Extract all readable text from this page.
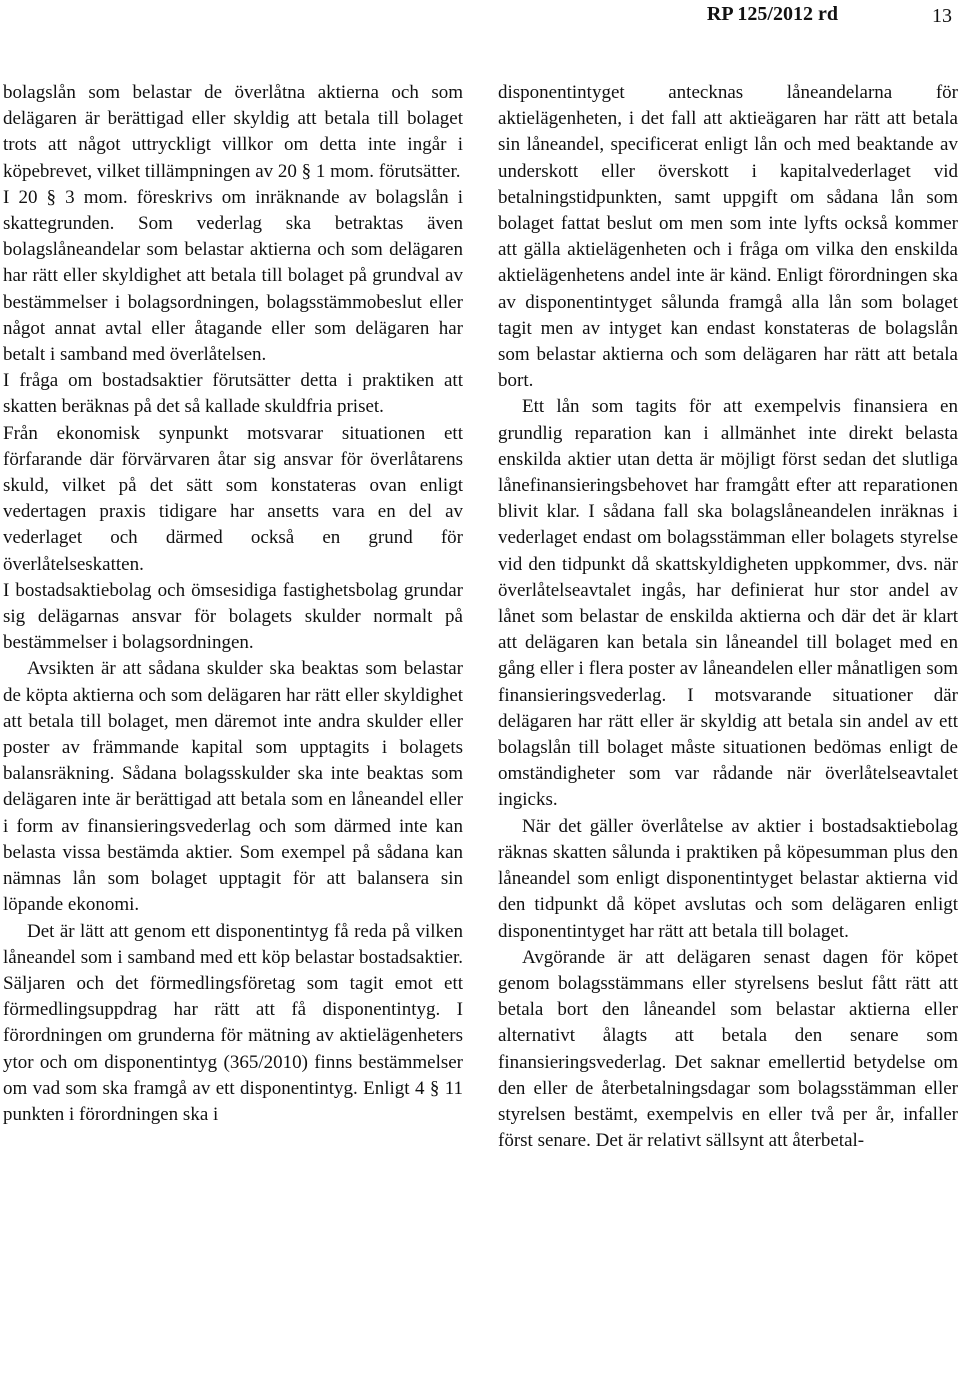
RP 125/2012 rd	13

bolagslån som belastar de överlåtna aktierna och som delägaren är berättigad eller skyldig att betala till bolaget trots att något uttryckligt villkor om detta inte ingår i köpebrevet, vilket tillämpningen av 20 § 1 mom. förutsätter.

I 20 § 3 mom. föreskrivs om inräknande av bolagslån i skattegrunden. Som vederlag ska betraktas även bolagslåneandelar som belastar aktierna och som delägaren har rätt eller skyldighet att betala till bolaget på grundval av bestämmelser i bolagsordningen, bolagsstämmobeslut eller något annat avtal eller åtagande eller som delägaren har betalt i samband med överlåtelsen.

I fråga om bostadsaktier förutsätter detta i praktiken att skatten beräknas på det så kallade skuldfria priset.

Från ekonomisk synpunkt motsvarar situationen ett förfarande där förvärvaren åtar sig ansvar för överlåtarens skuld, vilket på det sätt som konstateras ovan enligt vedertagen praxis tidigare har ansetts vara en del av vederlaget och därmed också en grund för överlåtelseskatten.

I bostadsaktiebolag och ömsesidiga fastighetsbolag grundar sig delägarnas ansvar för bolagets skulder normalt på bestämmelser i bolagsordningen.

Avsikten är att sådana skulder ska beaktas som belastar de köpta aktierna och som delägaren har rätt eller skyldighet att betala till bolaget, men däremot inte andra skulder eller poster av främmande kapital som upptagits i bolagets balansräkning. Sådana bolagsskulder ska inte beaktas som delägaren inte är berättigad att betala som en låneandel eller i form av finansieringsvederlag och som därmed inte kan belasta vissa bestämda aktier. Som exempel på sådana kan nämnas lån som bolaget upptagit för att balansera sin löpande ekonomi.

Det är lätt att genom ett disponentintyg få reda på vilken låneandel som i samband med ett köp belastar bostadsaktier. Säljaren och det förmedlingsföretag som tagit emot ett förmedlingsuppdrag har rätt att få disponentintyg. I förordningen om grunderna för mätning av aktielägenheters ytor och om disponentintyg (365/2010) finns bestämmelser om vad som ska framgå av ett disponentintyg. Enligt 4 § 11 punkten i förordningen ska i

disponentintyget antecknas låneandelarna för aktielägenheten, i det fall att aktieägaren har rätt att betala sin låneandel, specificerat enligt lån och med beaktande av underskott eller överskott i kapitalvederlaget vid betalningstidpunkten, samt uppgift om sådana lån som bolaget fattat beslut om men som inte lyfts också kommer att gälla aktielägenheten och i fråga om vilka den enskilda aktielägenhetens andel inte är känd. Enligt förordningen ska av disponentintyget sålunda framgå alla lån som bolaget tagit men av intyget kan endast konstateras de bolagslån som belastar aktierna och som delägaren har rätt att betala bort.

Ett lån som tagits för att exempelvis finansiera en grundlig reparation kan i allmänhet inte direkt belasta enskilda aktier utan detta är möjligt först sedan det slutliga lånefinansieringsbehovet har framgått efter att reparationen blivit klar. I sådana fall ska bolagslåneandelen inräknas i vederlaget endast om bolagsstämman eller bolagets styrelse vid den tidpunkt då skattskyldigheten uppkommer, dvs. när överlåtelseavtalet ingås, har definierat hur stor andel av lånet som belastar de enskilda aktierna och där det är klart att delägaren kan betala sin låneandel till bolaget med en gång eller i flera poster av låneandelen eller månatligen som finansieringsvederlag. I motsvarande situationer där delägaren har rätt eller är skyldig att betala sin andel av ett bolagslån till bolaget måste situationen bedömas enligt de omständigheter som var rådande när överlåtelseavtalet ingicks.

När det gäller överlåtelse av aktier i bostadsaktiebolag räknas skatten sålunda i praktiken på köpesumman plus den låneandel som enligt disponentintyget belastar aktierna vid den tidpunkt då köpet avslutas och som delägaren enligt disponentintyget har rätt att betala till bolaget.

Avgörande är att delägaren senast dagen för köpet genom bolagsstämmans eller styrelsens beslut fått rätt att betala bort den låneandel som belastar aktierna eller alternativt ålagts att betala den senare som finansieringsvederlag. Det saknar emellertid betydelse om den eller de återbetalningsdagar som bolagsstämman eller styrelsen bestämt, exempelvis en eller två per år, infaller först senare. Det är relativt sällsynt att återbetal-
